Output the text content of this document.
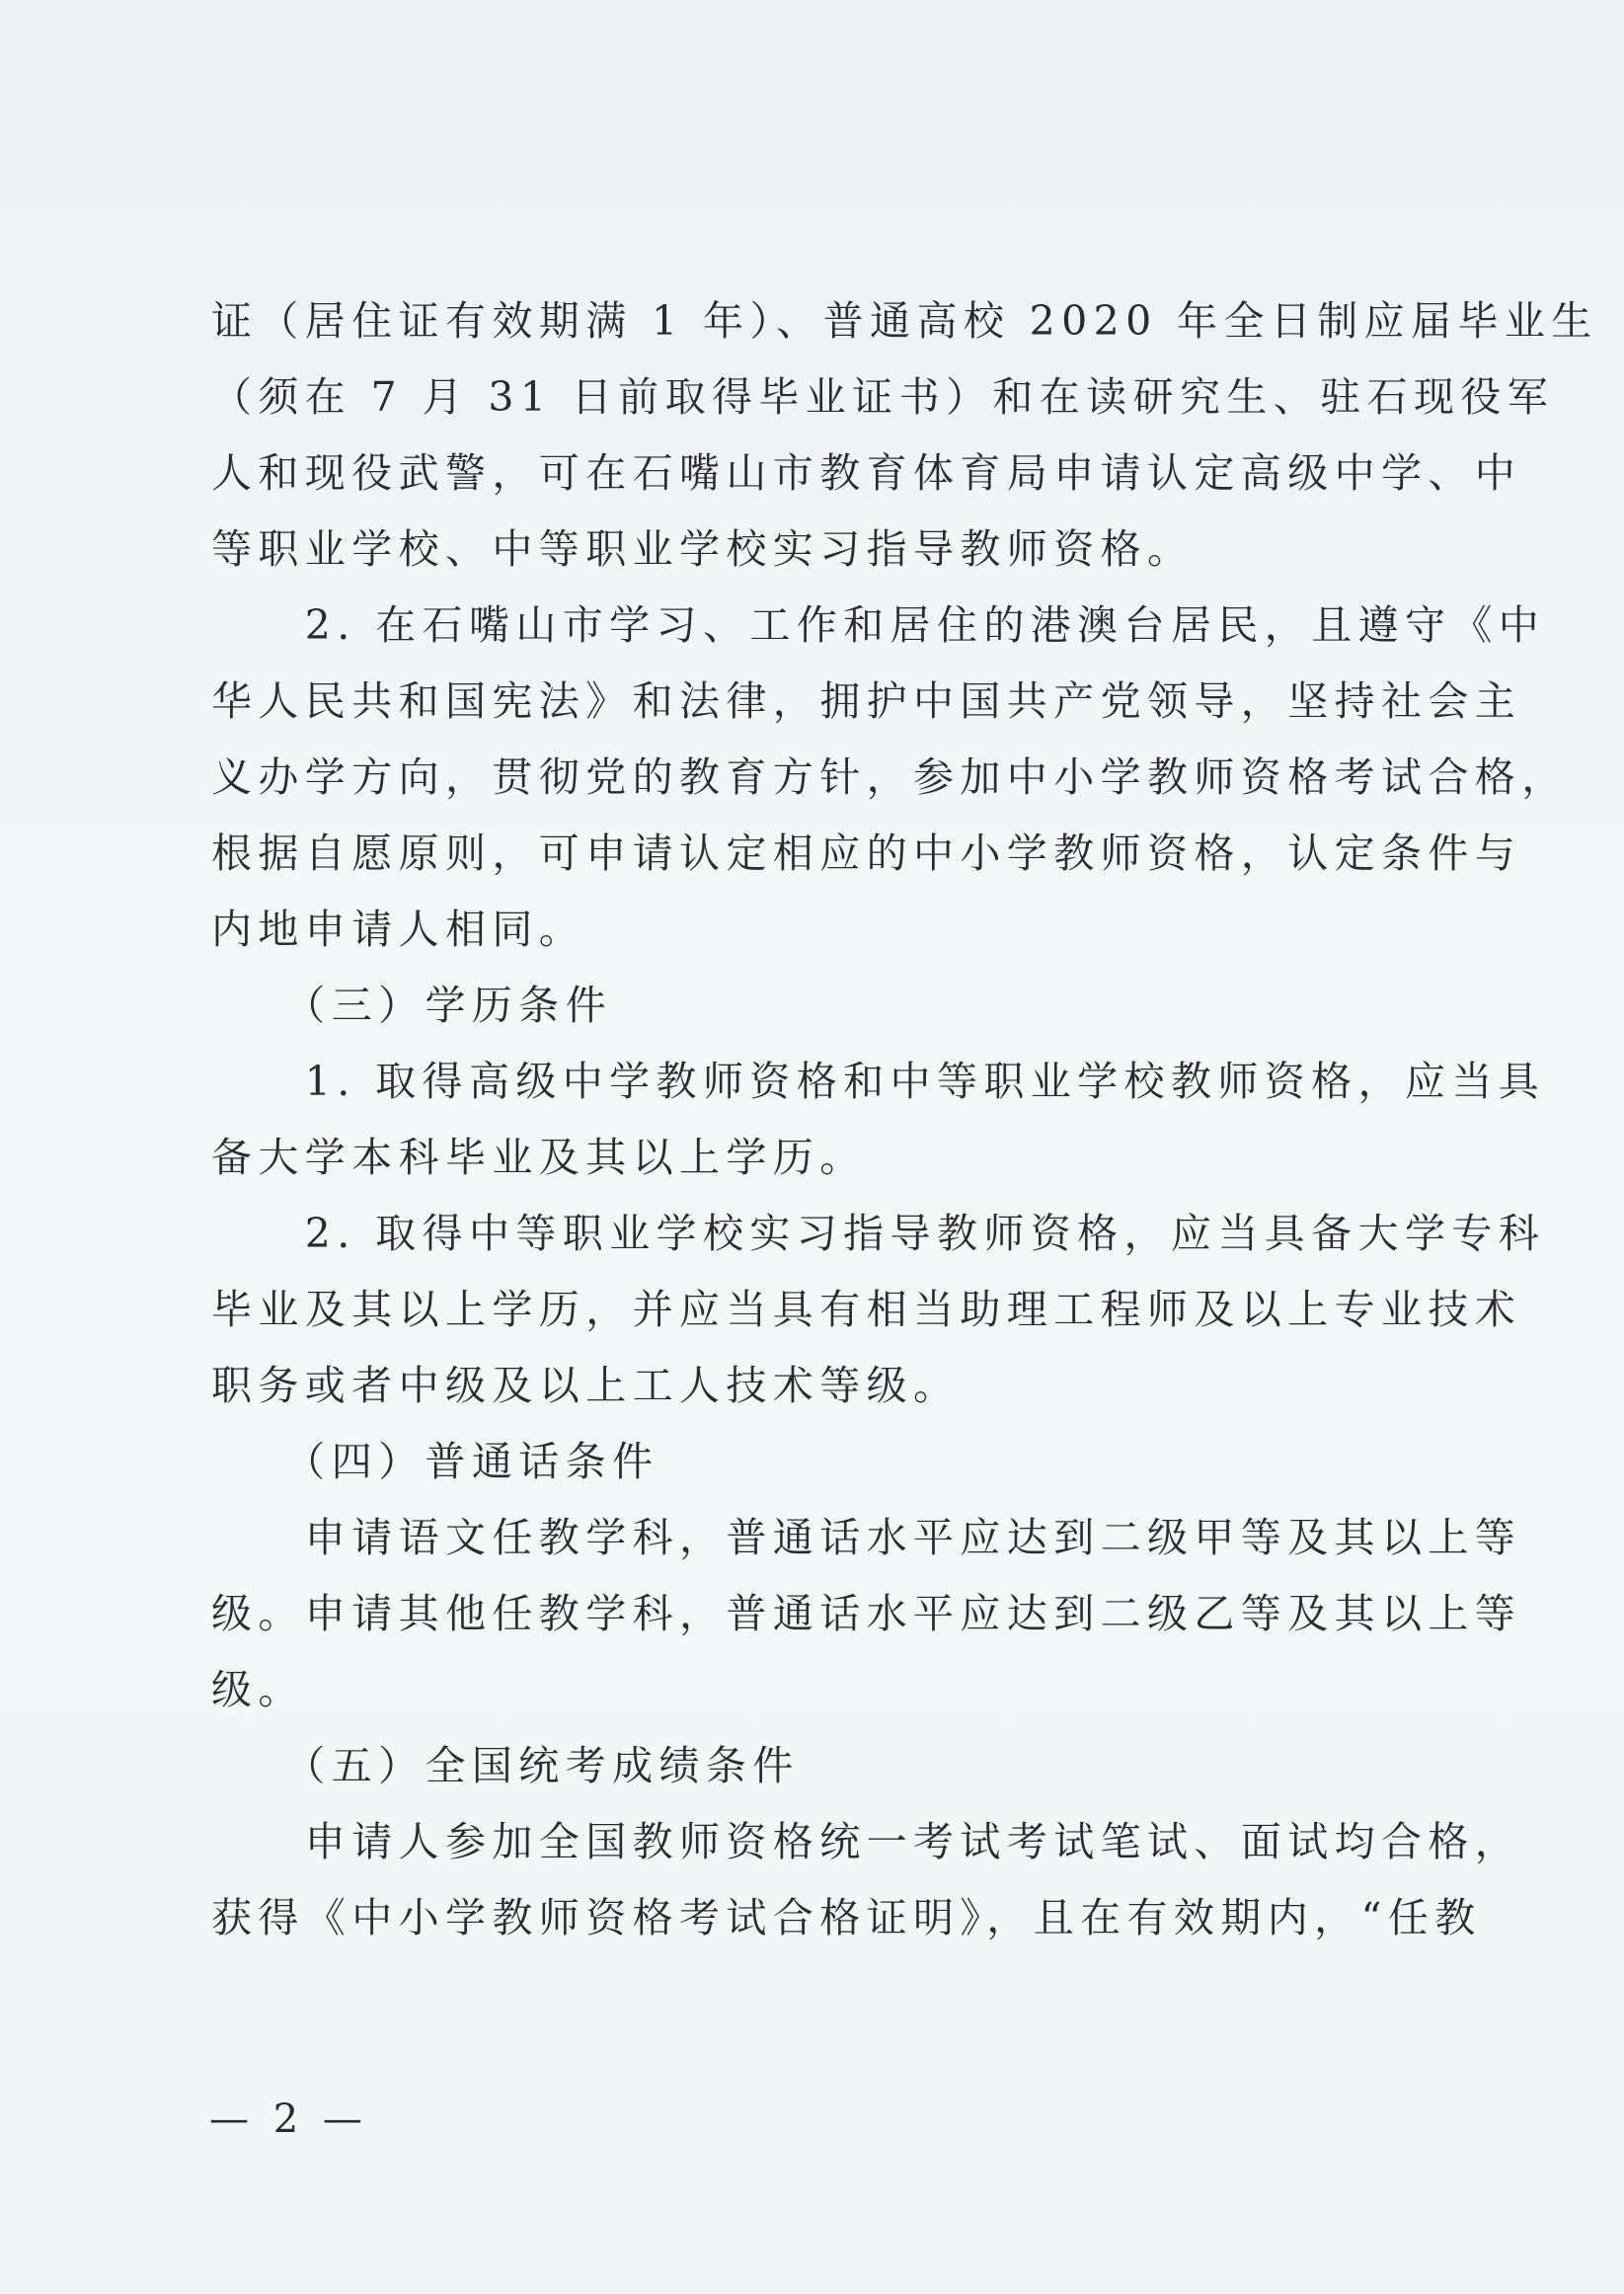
证（居住证有效期满 1 年）、普通高校 2020 年全日制应届毕业生
（须在 7 月 31 日前取得毕业证书）和在读研究生、驻石现役军
人和现役武警，可在石嘴山市教育体育局申请认定高级中学、中
等职业学校、中等职业学校实习指导教师资格。
　　2. 在石嘴山市学习、工作和居住的港澳台居民，且遵守《中
华人民共和国宪法》和法律，拥护中国共产党领导，坚持社会主
义办学方向，贯彻党的教育方针，参加中小学教师资格考试合格，
根据自愿原则，可申请认定相应的中小学教师资格，认定条件与
内地申请人相同。
　　（三）学历条件
　　1. 取得高级中学教师资格和中等职业学校教师资格，应当具
备大学本科毕业及其以上学历。
　　2. 取得中等职业学校实习指导教师资格，应当具备大学专科
毕业及其以上学历，并应当具有相当助理工程师及以上专业技术
职务或者中级及以上工人技术等级。
　　（四）普通话条件
　　申请语文任教学科，普通话水平应达到二级甲等及其以上等
级。申请其他任教学科，普通话水平应达到二级乙等及其以上等
级。
　　（五）全国统考成绩条件
　　申请人参加全国教师资格统一考试考试笔试、面试均合格，
获得《中小学教师资格考试合格证明》，且在有效期内，“任教
— 2 —
